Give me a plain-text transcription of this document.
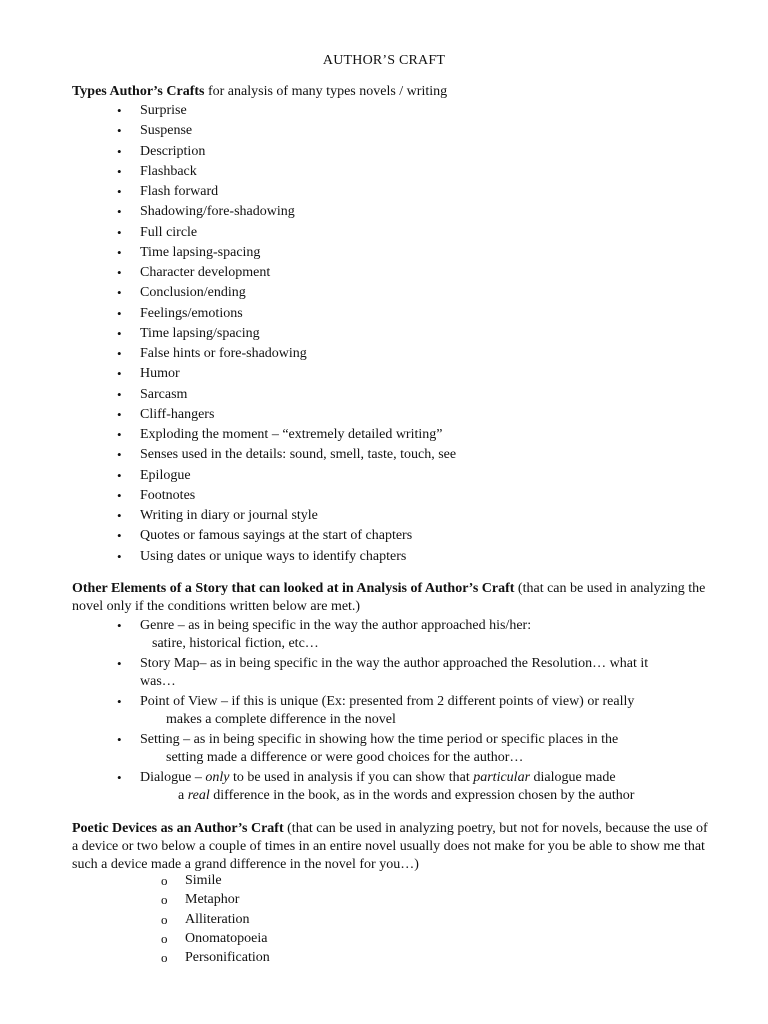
AUTHOR’S CRAFT
Types Author’s Crafts for analysis of many types novels / writing
• Surprise
• Suspense
• Description
• Flashback
• Flash forward
• Shadowing/fore-shadowing
• Full circle
• Time lapsing-spacing
• Character development
• Conclusion/ending
• Feelings/emotions
• Time lapsing/spacing
• False hints or fore-shadowing
• Humor
• Sarcasm
• Cliff-hangers
• Exploding the moment – “extremely detailed writing”
• Senses used in the details: sound, smell, taste, touch, see
• Epilogue
• Footnotes
• Writing in diary or journal style
• Quotes or famous sayings at the start of chapters
• Using dates or unique ways to identify chapters
Other Elements of a Story that can looked at in Analysis of Author’s Craft (that can be used in analyzing the novel only if the conditions written below are met.)
• Genre – as in being specific in the way the author approached his/her:
satire, historical fiction, etc…
• Story Map– as in being specific in the way the author approached the Resolution… what it
was…
• Point of View – if this is unique (Ex: presented from 2 different points of view) or really
makes a complete difference in the novel
• Setting – as in being specific in showing how the time period or specific places in the
setting made a difference or were good choices for the author…
• Dialogue – only to be used in analysis if you can show that particular dialogue made
a real difference in the book, as in the words and expression chosen by the author
Poetic Devices as an Author’s Craft (that can be used in analyzing poetry, but not for novels, because the use of a device or two below a couple of times in an entire novel usually does not make for you be able to show me that such a device made a grand difference in the novel for you…)
o Simile
o Metaphor
o Alliteration
o Onomatopoeia
o Personification
